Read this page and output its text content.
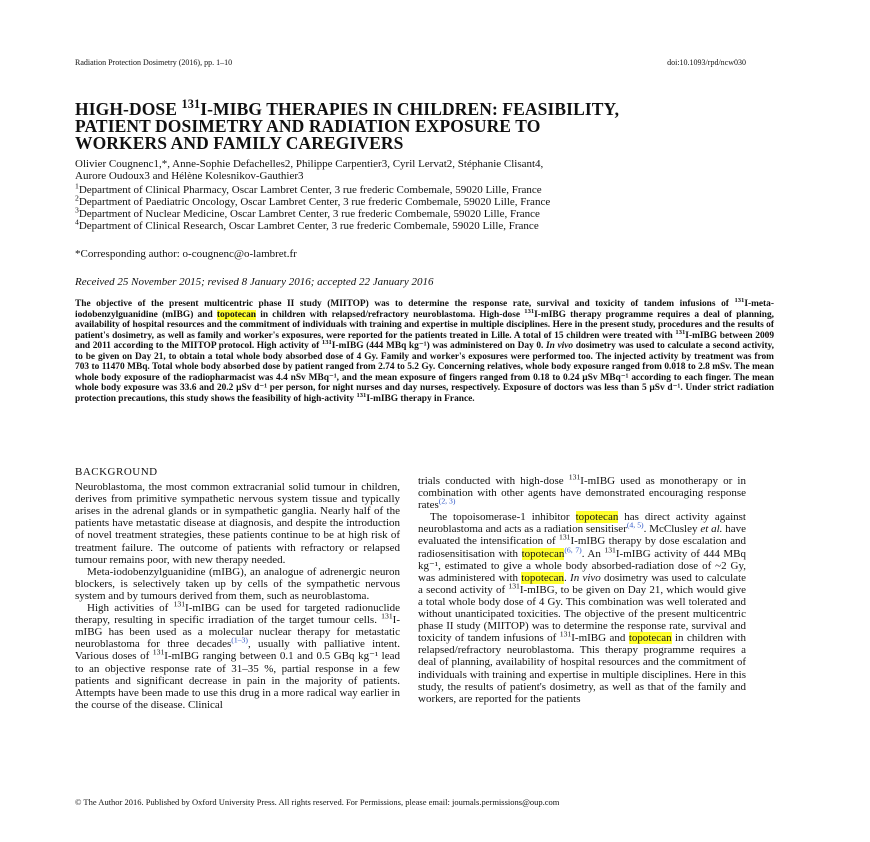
Radiation Protection Dosimetry (2016), pp. 1–10	doi:10.1093/rpd/ncw030
HIGH-DOSE $^{131}$I-MIBG THERAPIES IN CHILDREN: FEASIBILITY,
PATIENT DOSIMETRY AND RADIATION EXPOSURE TO
WORKERS AND FAMILY CAREGIVERS
Olivier Cougnenc1,*, Anne-Sophie Defachelles2, Philippe Carpentier3, Cyril Lervat2, Stéphanie Clisant4,
Aurore Oudoux3 and Hélène Kolesnikov-Gauthier3
$^1$Department of Clinical Pharmacy, Oscar Lambret Center, 3 rue frederic Combemale, 59020 Lille, France
$^2$Department of Paediatric Oncology, Oscar Lambret Center, 3 rue frederic Combemale, 59020 Lille, France
$^3$Department of Nuclear Medicine, Oscar Lambret Center, 3 rue frederic Combemale, 59020 Lille, France
$^4$Department of Clinical Research, Oscar Lambret Center, 3 rue frederic Combemale, 59020 Lille, France
*Corresponding author: o-cougnenc@o-lambret.fr
Received 25 November 2015; revised 8 January 2016; accepted 22 January 2016
The objective of the present multicentric phase II study (MIITOP) was to determine the response rate, survival and toxicity of tandem infusions of $^{131}$I-meta-iodobenzylguanidine (mIBG) and topotecan in children with relapsed/refractory neuroblastoma. High-dose $^{131}$I-mIBG therapy programme requires a deal of planning, availability of hospital resources and the commitment of individuals with training and expertise in multiple disciplines. Here in the present study, procedures and the results of patient's dosimetry, as well as family and worker's exposures, were reported for the patients treated in Lille. A total of 15 children were treated with $^{131}$I-mIBG between 2009 and 2011 according to the MIITOP protocol. High activity of $^{131}$I-mIBG (444 MBq kg⁻¹) was administered on Day 0. In vivo dosimetry was used to calculate a second activity, to be given on Day 21, to obtain a total whole body absorbed dose of 4 Gy. Family and worker's exposures were performed too. The injected activity by treatment was from 703 to 11470 MBq. Total whole body absorbed dose by patient ranged from 2.74 to 5.2 Gy. Concerning relatives, whole body exposure ranged from 0.018 to 2.8 mSv. The mean whole body exposure of the radiopharmacist was 4.4 nSv MBq⁻¹, and the mean exposure of fingers ranged from 0.18 to 0.24 µSv MBq⁻¹ according to each finger. The mean whole body exposure was 33.6 and 20.2 µSv d⁻¹ per person, for night nurses and day nurses, respectively. Exposure of doctors was less than 5 µSv d⁻¹. Under strict radiation protection precautions, this study shows the feasibility of high-activity $^{131}$I-mIBG therapy in France.

BACKGROUND

Neuroblastoma, the most common extracranial solid tumour in children, derives from primitive sympathetic nervous system tissue and typically arises in the adrenal glands or in sympathetic ganglia. Nearly half of the patients have metastatic disease at diagnosis, and despite the introduction of novel treatment strategies, these patients continue to be at high risk of treatment failure. The outcome of patients with refractory or relapsed tumour remains poor, with new therapy needed.

Meta-iodobenzylguanidine (mIBG), an analogue of adrenergic neuron blockers, is selectively taken up by cells of the sympathetic nervous system and by tumours derived from them, such as neuroblastoma.

High activities of $^{131}$I-mIBG can be used for targeted radionuclide therapy, resulting in specific irradiation of the target tumour cells. $^{131}$I-mIBG has been used as a molecular nuclear therapy for metastatic neuroblastoma for three decades$^{(1-3)}$, usually with palliative intent. Various doses of $^{131}$I-mIBG ranging between 0.1 and 0.5 GBq kg⁻¹ lead to an objective response rate of 31–35 %, partial response in a few patients and significant decrease in pain in the majority of patients. Attempts have been made to use this drug in a more radical way earlier in the course of the disease. Clinical

trials conducted with high-dose $^{131}$I-mIBG used as monotherapy or in combination with other agents have demonstrated encouraging response rates$^{(2, 3)}$

The topoisomerase-1 inhibitor topotecan has direct activity against neuroblastoma and acts as a radiation sensitiser$^{(4, 5)}$. McClusley et al. have evaluated the intensification of $^{131}$I-mIBG therapy by dose escalation and radiosensitisation with topotecan$^{(6, 7)}$. An $^{131}$I-mIBG activity of 444 MBq kg⁻¹, estimated to give a whole body absorbed-radiation dose of ~2 Gy, was administered with topotecan. In vivo dosimetry was used to calculate a second activity of $^{131}$I-mIBG, to be given on Day 21, which would give a total whole body dose of 4 Gy. This combination was well tolerated and without unanticipated toxicities. The objective of the present multicentric phase II study (MIITOP) was to determine the response rate, survival and toxicity of tandem infusions of $^{131}$I-mIBG and topotecan in children with relapsed/refractory neuroblastoma. This therapy programme requires a deal of planning, availability of hospital resources and the commitment of individuals with training and expertise in multiple disciplines. Here in this study, the results of patient's dosimetry, as well as that of the family and workers, are reported for the patients

© The Author 2016. Published by Oxford University Press. All rights reserved. For Permissions, please email: journals.permissions@oup.com
